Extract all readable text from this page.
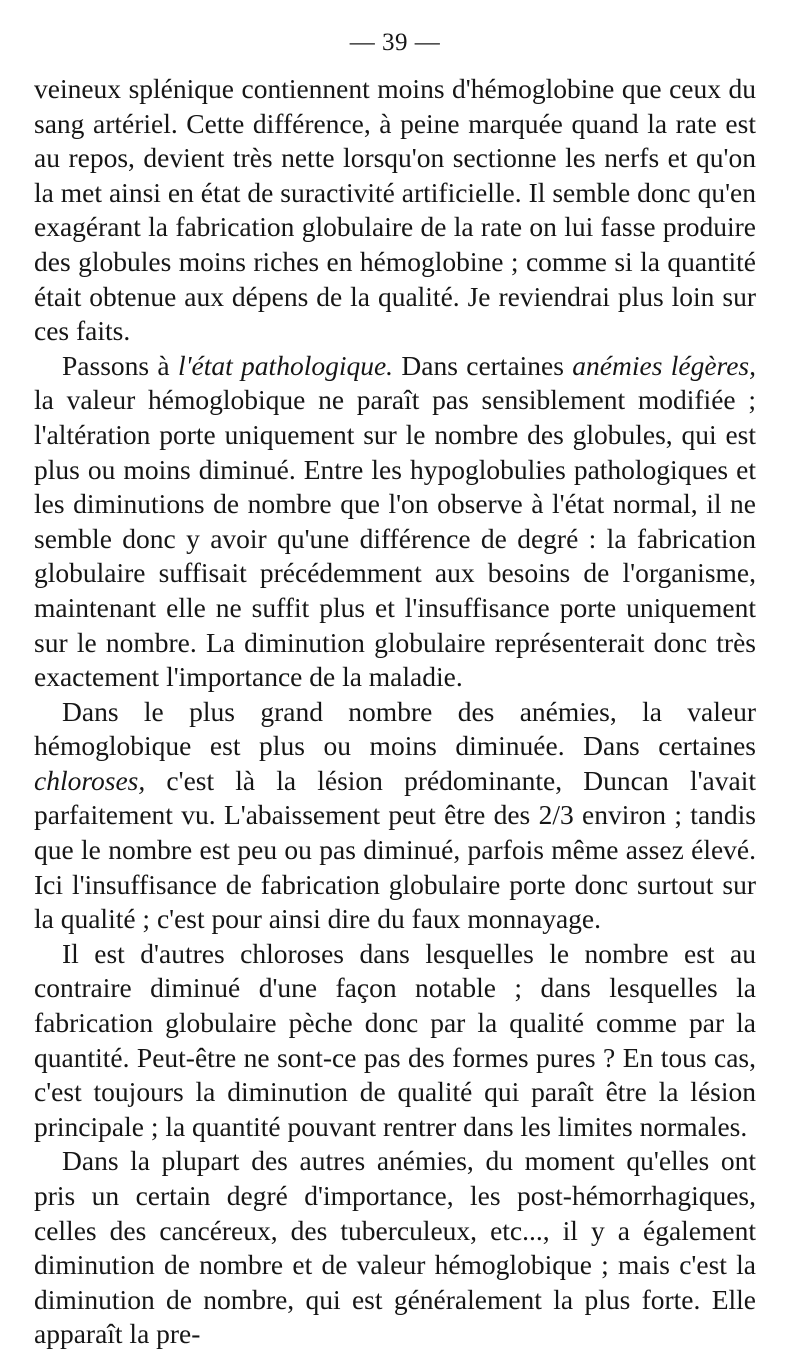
— 39 —

veineux splénique contiennent moins d'hémoglobine que ceux du sang artériel. Cette différence, à peine marquée quand la rate est au repos, devient très nette lorsqu'on sectionne les nerfs et qu'on la met ainsi en état de suractivité artificielle. Il semble donc qu'en exagérant la fabrication globulaire de la rate on lui fasse produire des globules moins riches en hémoglobine ; comme si la quantité était obtenue aux dépens de la qualité. Je reviendrai plus loin sur ces faits.

Passons à l'état pathologique. Dans certaines anémies légères, la valeur hémoglobique ne paraît pas sensiblement modifiée ; l'altération porte uniquement sur le nombre des globules, qui est plus ou moins diminué. Entre les hypoglobulies pathologiques et les diminutions de nombre que l'on observe à l'état normal, il ne semble donc y avoir qu'une différence de degré : la fabrication globulaire suffisait précédemment aux besoins de l'organisme, maintenant elle ne suffit plus et l'insuffisance porte uniquement sur le nombre. La diminution globulaire représenterait donc très exactement l'importance de la maladie.

Dans le plus grand nombre des anémies, la valeur hémoglobique est plus ou moins diminuée. Dans certaines chloroses, c'est là la lésion prédominante, Duncan l'avait parfaitement vu. L'abaissement peut être des 2/3 environ ; tandis que le nombre est peu ou pas diminué, parfois même assez élevé. Ici l'insuffisance de fabrication globulaire porte donc surtout sur la qualité ; c'est pour ainsi dire du faux monnayage.

Il est d'autres chloroses dans lesquelles le nombre est au contraire diminué d'une façon notable ; dans lesquelles la fabrication globulaire pèche donc par la qualité comme par la quantité. Peut-être ne sont-ce pas des formes pures ? En tous cas, c'est toujours la diminution de qualité qui paraît être la lésion principale ; la quantité pouvant rentrer dans les limites normales.

Dans la plupart des autres anémies, du moment qu'elles ont pris un certain degré d'importance, les post-hémorrhagiques, celles des cancéreux, des tuberculeux, etc..., il y a également diminution de nombre et de valeur hémoglobique ; mais c'est la diminution de nombre, qui est généralement la plus forte. Elle apparaît la pre-
